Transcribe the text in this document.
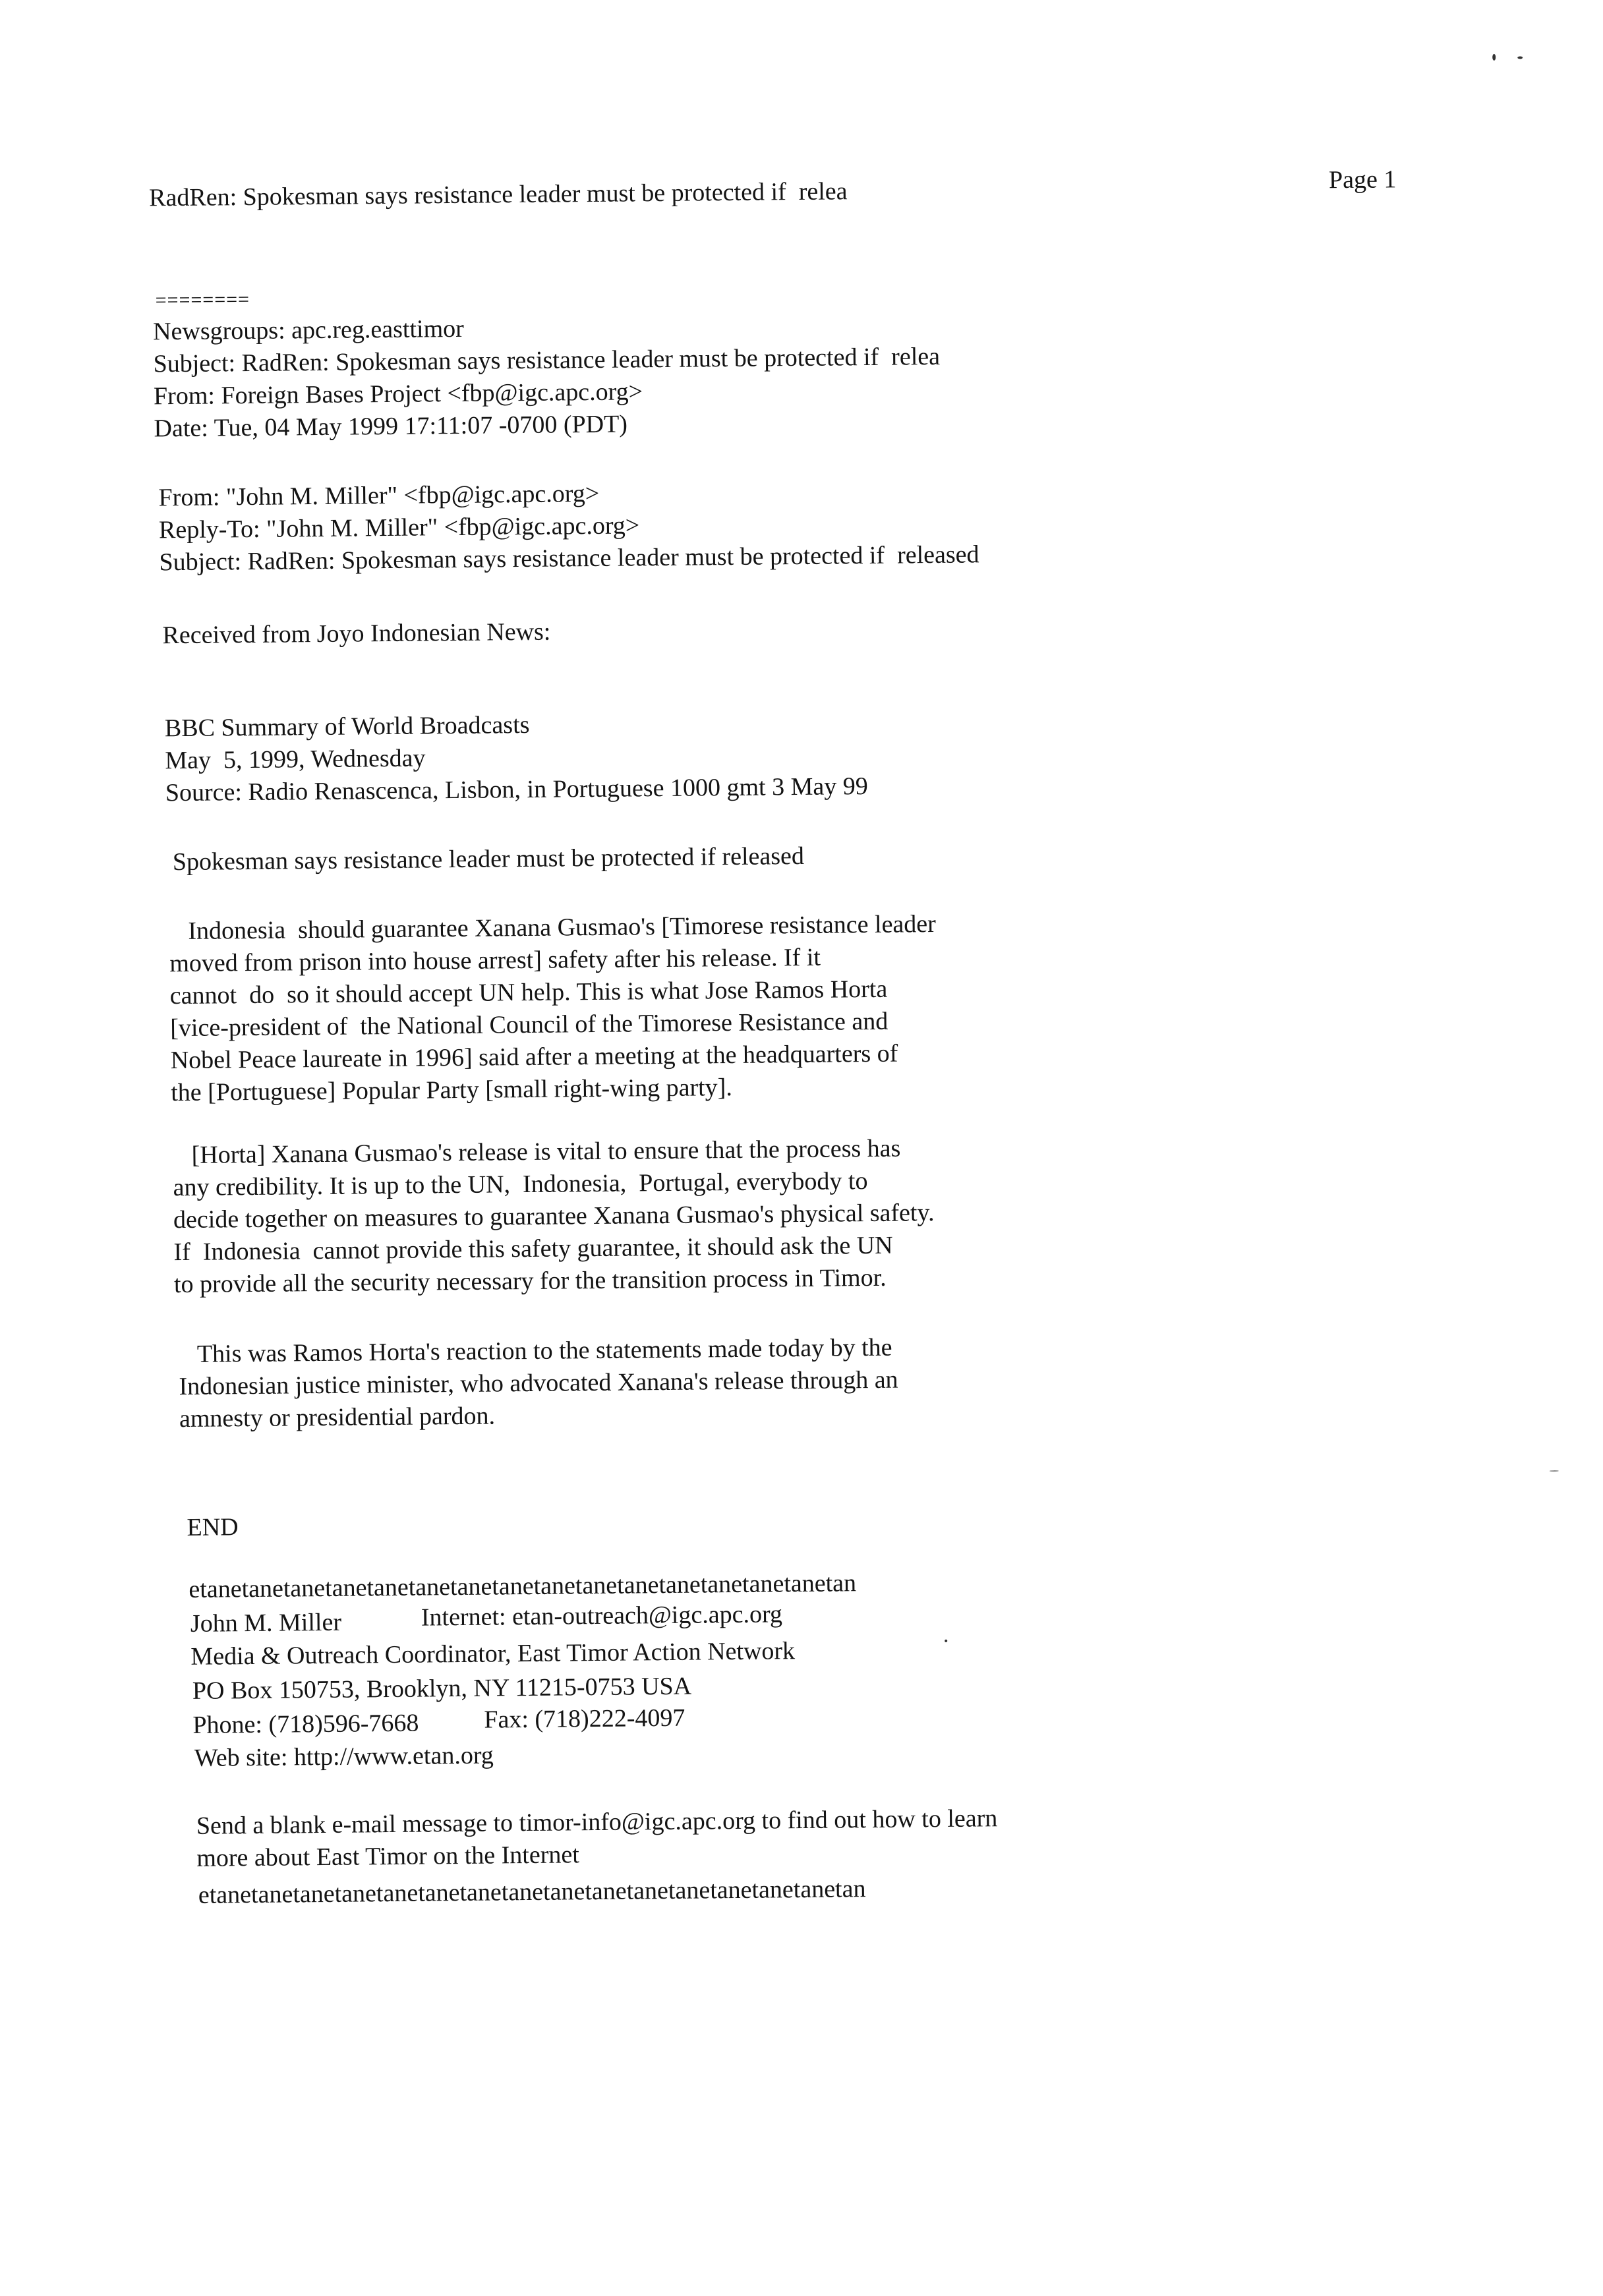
RadRen: Spokesman says resistance leader must be protected if  relea	Page 1
========
Newsgroups: apc.reg.easttimor
Subject: RadRen: Spokesman says resistance leader must be protected if  relea
From: Foreign Bases Project <fbp@igc.apc.org>
Date: Tue, 04 May 1999 17:11:07 -0700 (PDT)
From: "John M. Miller" <fbp@igc.apc.org>
Reply-To: "John M. Miller" <fbp@igc.apc.org>
Subject: RadRen: Spokesman says resistance leader must be protected if  released
Received from Joyo Indonesian News:
BBC Summary of World Broadcasts
May  5, 1999, Wednesday
Source: Radio Renascenca, Lisbon, in Portuguese 1000 gmt 3 May 99
Spokesman says resistance leader must be protected if released
Indonesia  should guarantee Xanana Gusmao's [Timorese resistance leader
moved from prison into house arrest] safety after his release. If it
cannot  do  so it should accept UN help. This is what Jose Ramos Horta
[vice-president of  the National Council of the Timorese Resistance and
Nobel Peace laureate in 1996] said after a meeting at the headquarters of
the [Portuguese] Popular Party [small right-wing party].
[Horta] Xanana Gusmao's release is vital to ensure that the process has
any credibility. It is up to the UN,  Indonesia,  Portugal, everybody to
decide together on measures to guarantee Xanana Gusmao's physical safety.
If  Indonesia  cannot provide this safety guarantee, it should ask the UN
to provide all the security necessary for the transition process in Timor.
This was Ramos Horta's reaction to the statements made today by the
Indonesian justice minister, who advocated Xanana's release through an
amnesty or presidential pardon.
END
etanetanetanetanetanetanetanetanetanetanetanetanetanetanetanetan
John M. Miller	Internet: etan-outreach@igc.apc.org
Media & Outreach Coordinator, East Timor Action Network
PO Box 150753, Brooklyn, NY 11215-0753 USA
Phone: (718)596-7668	Fax: (718)222-4097
Web site: http://www.etan.org
Send a blank e-mail message to timor-info@igc.apc.org to find out how to learn
more about East Timor on the Internet
etanetanetanetanetanetanetanetanetanetanetanetanetanetanetanetan
